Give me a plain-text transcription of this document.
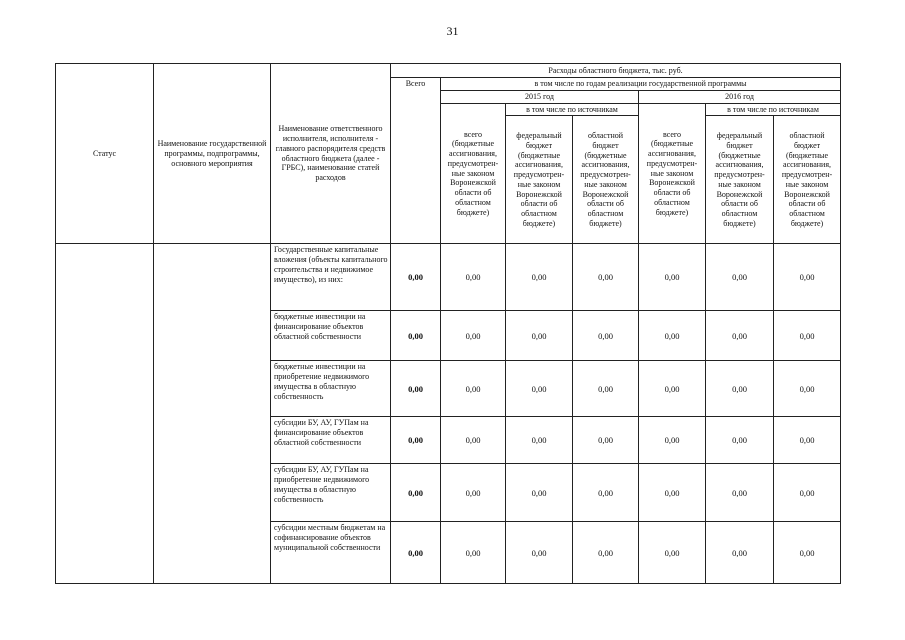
31
Статус	Наименование государственной программы, подпрограммы, основного мероприятия	Наименование ответственного исполнителя, исполнителя - главного распорядителя средств областного бюджета (далее - ГРБС), наименование статей расходов	Расходы областного бюджета, тыс. руб.						
			Всего	в том числе по годам реализации государственной программы					
				2015 год			2016 год		
				всего (бюджетные ассигнования, предусмотрен- ные законом Воронежской области об областном бюджете)	в том числе по источникам		всего (бюджетные ассигнования, предусмотрен- ные законом Воронежской области об областном бюджете)	в том числе по источникам	
					федеральный бюджет (бюджетные ассигнования, предусмотрен- ные законом Воронежской области об областном бюджете)	областной бюджет (бюджетные ассигнования, предусмотрен- ные законом Воронежской области об областном бюджете)		федеральный бюджет (бюджетные ассигнования, предусмотрен- ные законом Воронежской области об областном бюджете)	областной бюджет (бюджетные ассигнования, предусмотрен- ные законом Воронежской области об областном бюджете)
		Государственные капитальные вложения (объекты капитального строительства и недвижимое имущество), из них:	0,00	0,00	0,00	0,00	0,00	0,00	0,00
		бюджетные инвестиции на финансирование объектов областной собственности	0,00	0,00	0,00	0,00	0,00	0,00	0,00
		бюджетные инвестиции на приобретение недвижимого имущества в областную собственность	0,00	0,00	0,00	0,00	0,00	0,00	0,00
		субсидии БУ, АУ, ГУПам на финансирование объектов областной собственности	0,00	0,00	0,00	0,00	0,00	0,00	0,00
		субсидии БУ, АУ, ГУПам на приобретение недвижимого имущества в областную собственность	0,00	0,00	0,00	0,00	0,00	0,00	0,00
		субсидии местным бюджетам на софинансирование объектов муниципальной собственности	0,00	0,00	0,00	0,00	0,00	0,00	0,00
